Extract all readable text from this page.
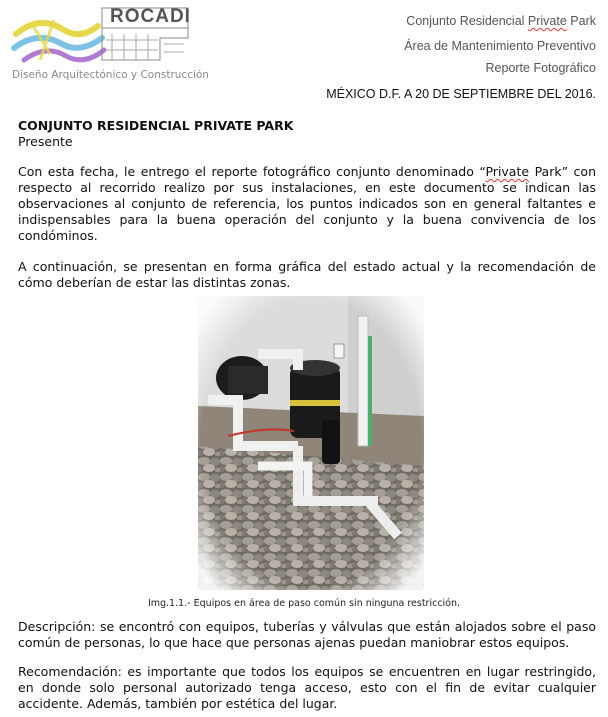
ROCADI
Diseño Arquitectónico y Construcción
Conjunto Residencial Private Park
Área de Mantenimiento Preventivo
Reporte Fotográfico
MÉXICO D.F. A 20 DE SEPTIEMBRE DEL 2016.
CONJUNTO RESIDENCIAL PRIVATE PARK
Presente
Con esta fecha, le entrego el reporte fotográfico conjunto denominado “Private Park” con respecto al recorrido realizo por sus instalaciones, en este documento se indican las observaciones al conjunto de referencia, los puntos indicados son en general faltantes e indispensables para la buena operación del conjunto y la buena convivencia de los condóminos.
A continuación, se presentan en forma gráfica del estado actual y la recomendación de cómo deberían de estar las distintas zonas.
Img.1.1.- Equipos en área de paso común sin ninguna restricción.
Descripción: se encontró con equipos, tuberías y válvulas que están alojados sobre el paso común de personas, lo que hace que personas ajenas puedan maniobrar estos equipos.
Recomendación: es importante que todos los equipos se encuentren en lugar restringido, en donde solo personal autorizado tenga acceso, esto con el fin de evitar cualquier accidente. Además, también por estética del lugar.
